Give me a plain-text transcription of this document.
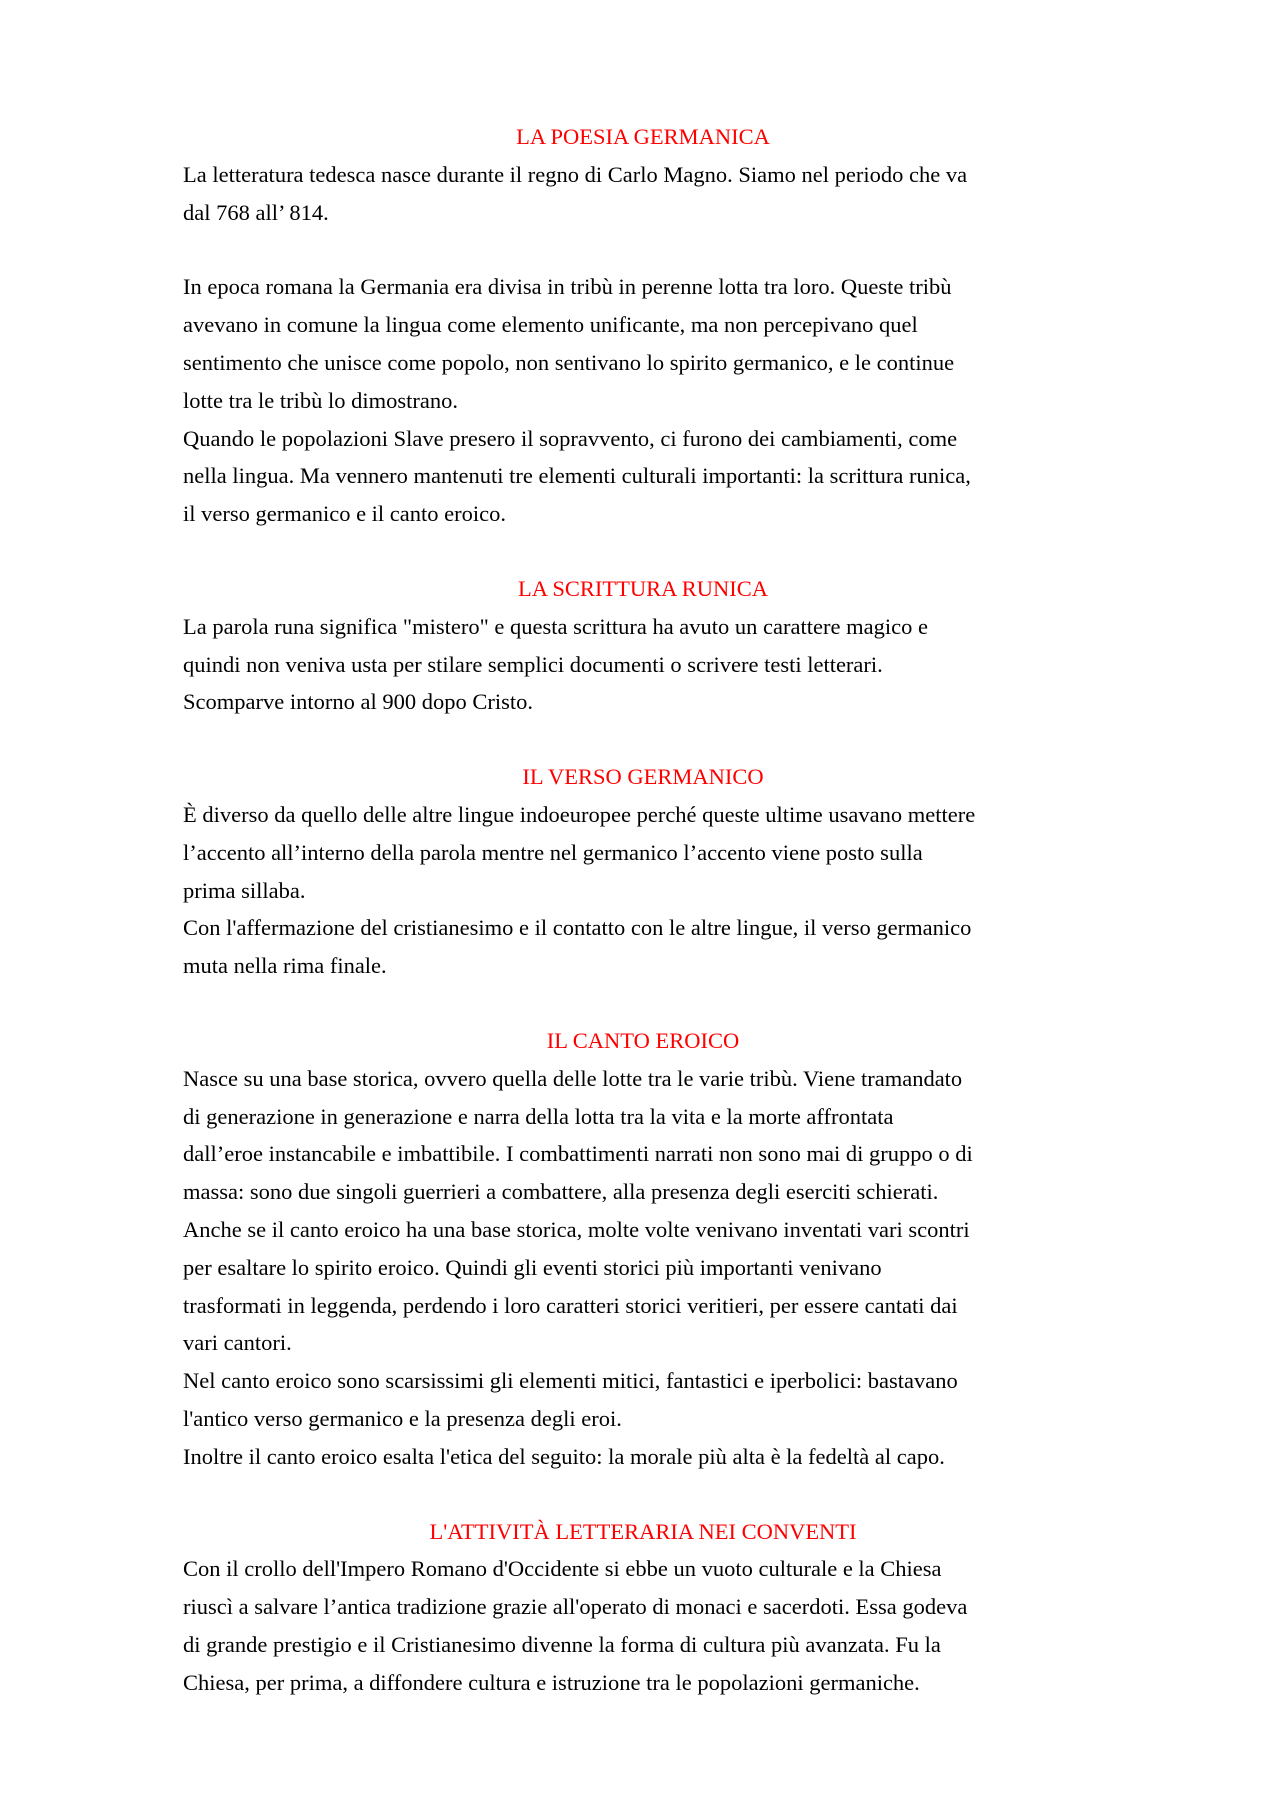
LA POESIA GERMANICA

La letteratura tedesca nasce durante il regno di Carlo Magno. Siamo nel periodo che va
dal 768 all’ 814.

In epoca romana la Germania era divisa in tribù in perenne lotta tra loro. Queste tribù
avevano in comune la lingua come elemento unificante, ma non percepivano quel
sentimento che unisce come popolo, non sentivano lo spirito germanico, e le continue
lotte tra le tribù lo dimostrano.
Quando le popolazioni Slave presero il sopravvento, ci furono dei cambiamenti, come
nella lingua. Ma vennero mantenuti tre elementi culturali importanti: la scrittura runica,
il verso germanico e il canto eroico.

LA SCRITTURA RUNICA

La parola runa significa "mistero" e questa scrittura ha avuto un carattere magico e
quindi non veniva usta per stilare semplici documenti o scrivere testi letterari.
Scomparve intorno al 900 dopo Cristo.

IL VERSO GERMANICO

È diverso da quello delle altre lingue indoeuropee perché queste ultime usavano mettere
l’accento all’interno della parola mentre nel germanico l’accento viene posto sulla
prima sillaba.
Con l'affermazione del cristianesimo e il contatto con le altre lingue, il verso germanico
muta nella rima finale.

IL CANTO EROICO

Nasce su una base storica, ovvero quella delle lotte tra le varie tribù. Viene tramandato
di generazione in generazione e narra della lotta tra la vita e la morte affrontata
dall’eroe instancabile e imbattibile. I combattimenti narrati non sono mai di gruppo o di
massa: sono due singoli guerrieri a combattere, alla presenza degli eserciti schierati.
Anche se il canto eroico ha una base storica, molte volte venivano inventati vari scontri
per esaltare lo spirito eroico. Quindi gli eventi storici più importanti venivano
trasformati in leggenda, perdendo i loro caratteri storici veritieri, per essere cantati dai
vari cantori.
Nel canto eroico sono scarsissimi gli elementi mitici, fantastici e iperbolici: bastavano
l'antico verso germanico e la presenza degli eroi.
Inoltre il canto eroico esalta l'etica del seguito: la morale più alta è la fedeltà al capo.

L'ATTIVITÀ LETTERARIA NEI CONVENTI

Con il crollo dell'Impero Romano d'Occidente si ebbe un vuoto culturale e la Chiesa
riuscì a salvare l’antica tradizione grazie all'operato di monaci e sacerdoti. Essa godeva
di grande prestigio e il Cristianesimo divenne la forma di cultura più avanzata. Fu la
Chiesa, per prima, a diffondere cultura e istruzione tra le popolazioni germaniche.
